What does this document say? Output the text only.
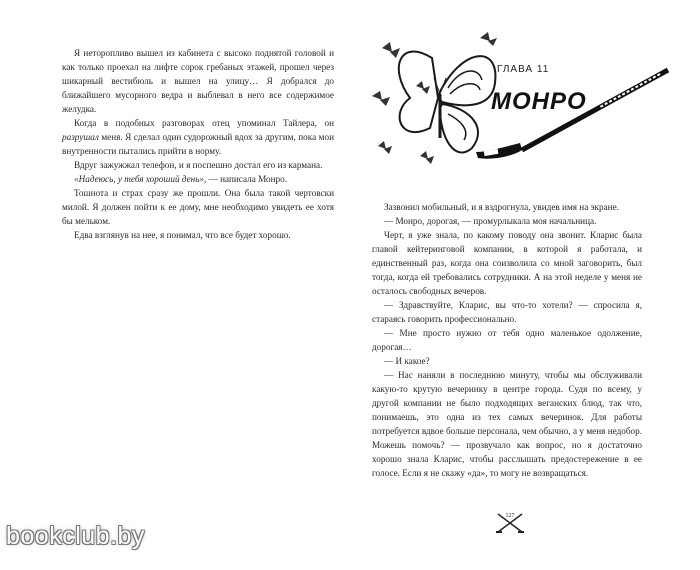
Я неторопливо вышел из кабинета с высоко поднятой головой и как только проехал на лифте сорок гребаных этажей, прошел через шикарный вестибюль и вышел на улицу… Я добрался до ближайшего мусорного ведра и выблевал в него все содержимое желудка.

Когда в подобных разговорах отец упоминал Тайлера, он разрушал меня. Я сделал один судорожный вдох за другим, пока мои внутренности пытались прийти в норму.

Вдруг зажужжал телефон, и я поспешно достал его из кармана.

«Надеюсь, у тебя хороший день», — написала Монро.

Тошнота и страх сразу же прошли. Она была такой чертовски милой. Я должен пойти к ее дому, мне необходимо увидеть ее хотя бы мельком.

Едва взглянув на нее, я понимал, что все будет хорошо.

ГЛАВА 11
МОНРО

Зазвонил мобильный, и я вздрогнула, увидев имя на экране.

— Монро, дорогая, — промурлыкала моя начальница.

Черт, я уже знала, по какому поводу она звонит. Кларис была главой кейтеринговой компании, в которой я работала, и единственный раз, когда она соизволила со мной заговорить, был тогда, когда ей требовались сотрудники. А на этой неделе у меня не осталось свободных вечеров.

— Здравствуйте, Кларис, вы что-то хотели? — спросила я, стараясь говорить профессионально.

— Мне просто нужно от тебя одно маленькое одолжение, дорогая…

— И какое?

— Нас наняли в последнюю минуту, чтобы мы обслуживали какую-то крутую вечеринку в центре города. Судя по всему, у другой компании не было подходящих веганских блюд, так что, понимаешь, это одна из тех самых вечеринок. Для работы потребуется вдвое больше персонала, чем обычно, а у меня недобор. Можешь помочь? — прозвучало как вопрос, но я достаточно хорошо знала Кларис, чтобы расслышать предостережение в ее голосе. Если я не скажу «да», то могу не возвращаться.

127
bookclub.by
